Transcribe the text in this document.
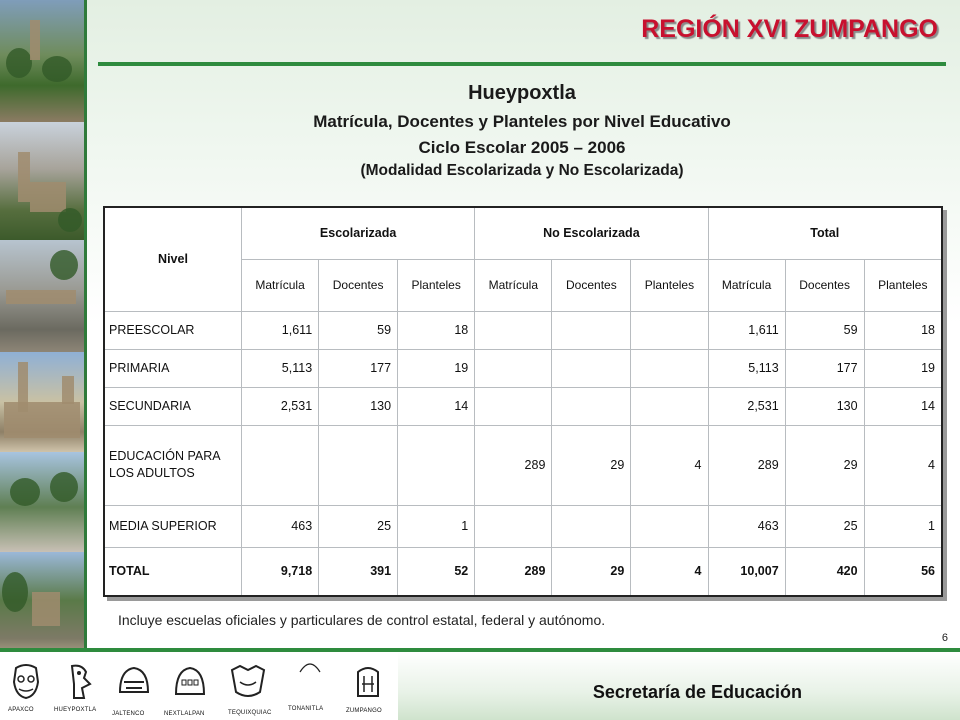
REGIÓN XVI ZUMPANGO
Hueypoxtla
Matrícula, Docentes y Planteles por Nivel Educativo
Ciclo Escolar 2005 – 2006
(Modalidad Escolarizada y No Escolarizada)
Nivel	Escolarizada			No Escolarizada			Total		
	Matrícula	Docentes	Planteles	Matrícula	Docentes	Planteles	Matrícula	Docentes	Planteles
PREESCOLAR	1,611	59	18				1,611	59	18
PRIMARIA	5,113	177	19				5,113	177	19
SECUNDARIA	2,531	130	14				2,531	130	14
EDUCACIÓN PARA LOS ADULTOS				289	29	4	289	29	4
MEDIA SUPERIOR	463	25	1				463	25	1
TOTAL	9,718	391	52	289	29	4	10,007	420	56

Incluye escuelas oficiales y particulares de control estatal, federal y autónomo.

6
Secretaría de Educación
APAXCO	HUEYPOXTLA
JALTENCO	NEXTLALPAN	TEQUIXQUIAC
TONANITLA	ZUMPANGO
